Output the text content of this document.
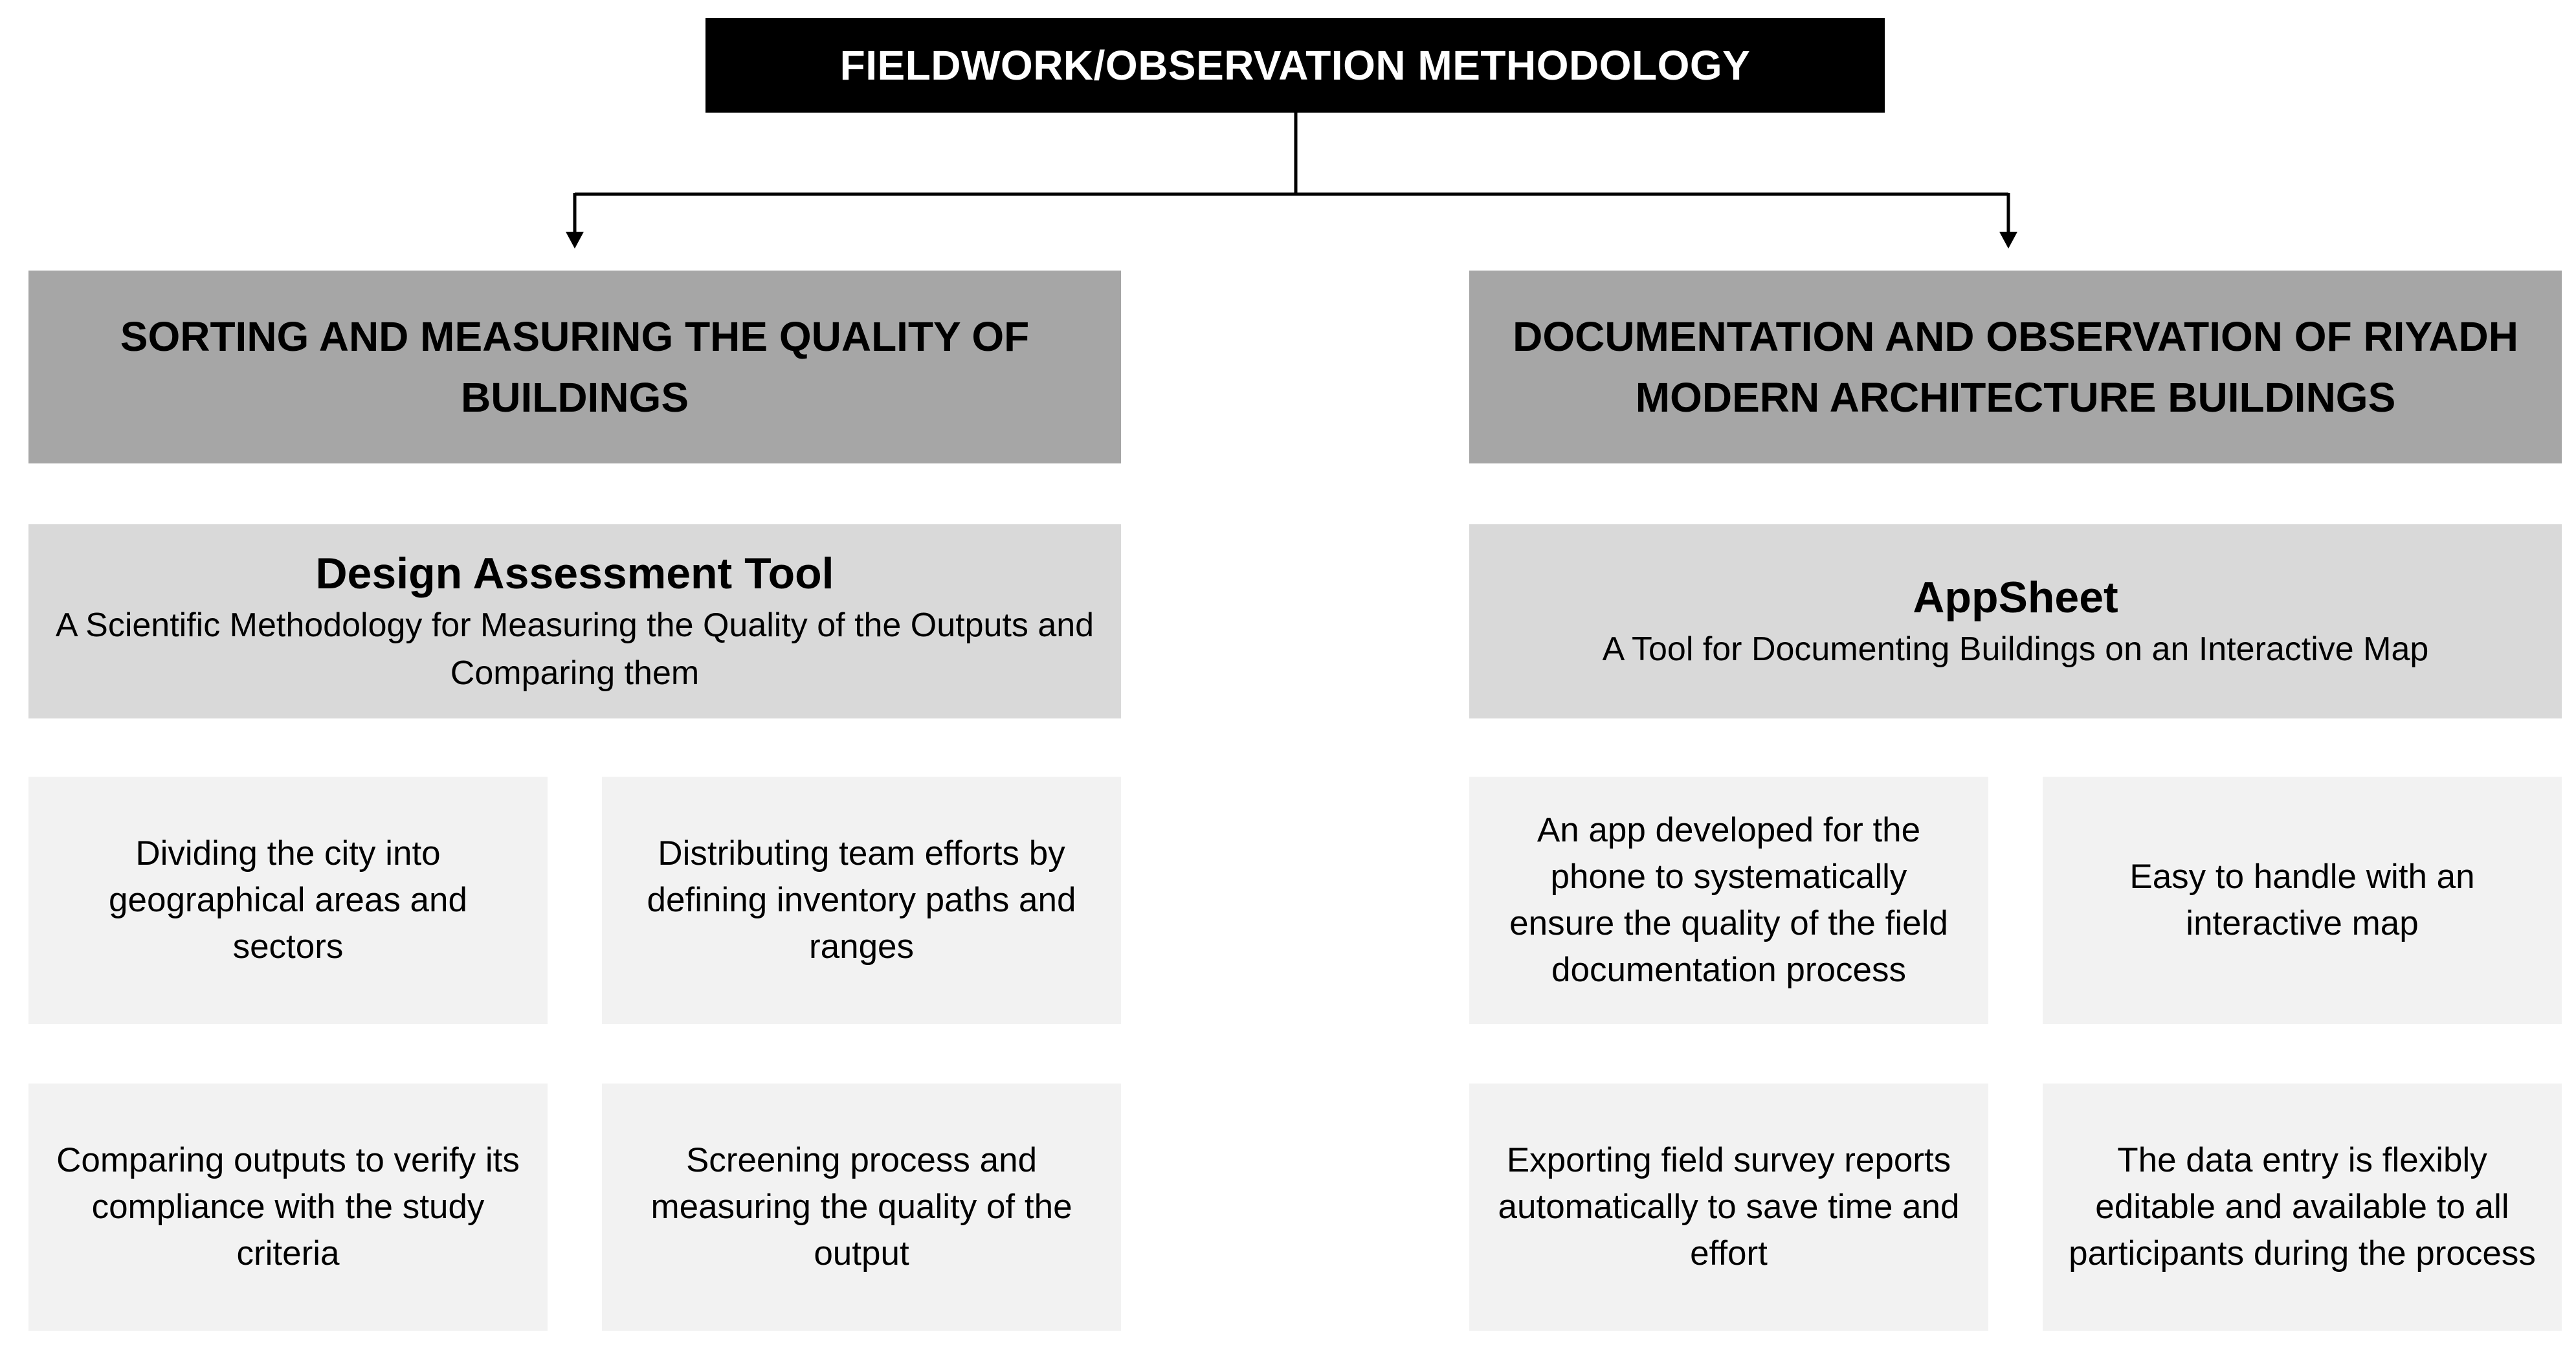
FIELDWORK/OBSERVATION METHODOLOGY
SORTING AND MEASURING THE QUALITY OF BUILDINGS
Design Assessment Tool
A Scientific Methodology for Measuring the Quality of the Outputs and Comparing them
Dividing the city into geographical areas and sectors
Distributing team efforts by defining inventory paths and ranges
Comparing outputs to verify its compliance with the study criteria
Screening process and measuring the quality of the output
DOCUMENTATION AND OBSERVATION OF RIYADH MODERN ARCHITECTURE BUILDINGS
AppSheet
A Tool for Documenting Buildings on an Interactive Map
An app developed for the phone to systematically ensure the quality of the field documentation process
Easy to handle with an interactive map
Exporting field survey reports automatically to save time and effort
The data entry is flexibly editable and available to all participants during the process
